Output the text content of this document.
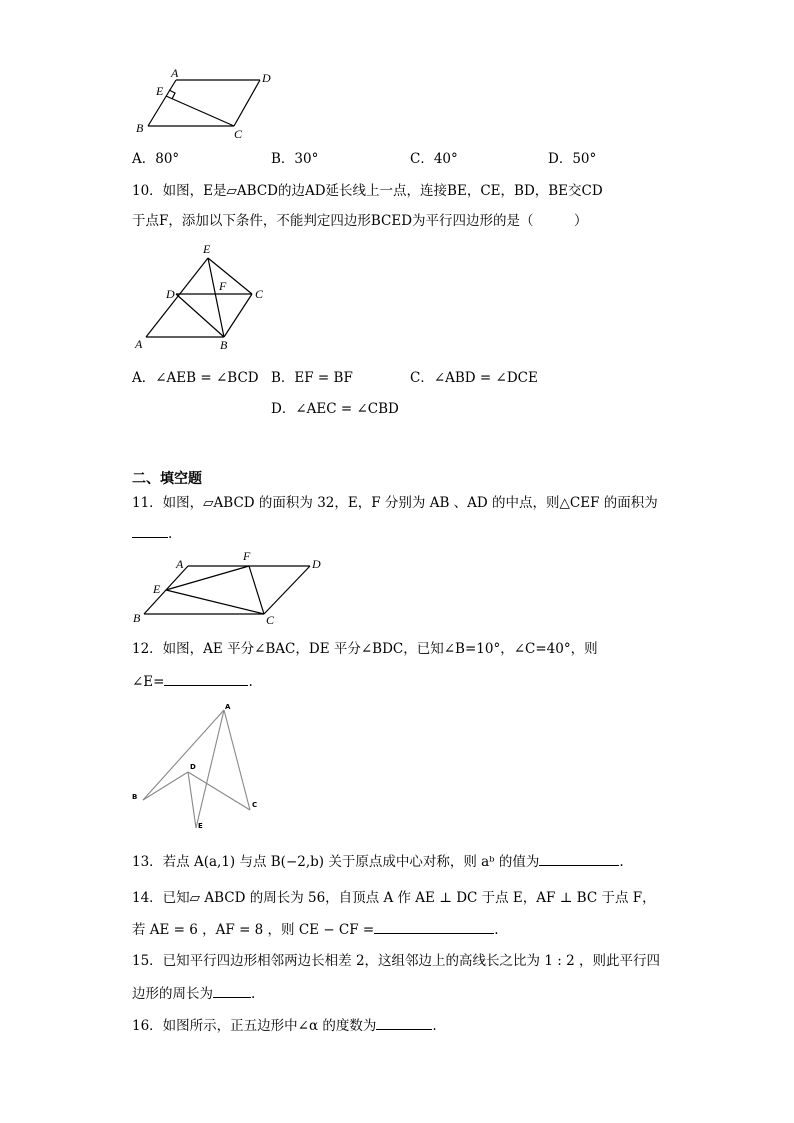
A	D
E
B	C
A．80°	B．30°	C．40°	D．50°
10．如图，E是▱ABCD的边AD延长线上一点，连接BE，CE，BD，BE交CD
于点F，添加以下条件，不能判定四边形BCED为平行四边形的是（　　　）
E
D
F
C
A	B
A．∠AEB = ∠BCD B．EF = BF	C．∠ABD = ∠DCE
D．∠AEC = ∠CBD
二、填空题
11．如图，▱ABCD 的面积为 32，E，F 分别为 AB 、AD 的中点，则△CEF 的面积为
.
A
F
D
E
B	C
12．如图，AE 平分∠BAC，DE 平分∠BDC，已知∠B=10°，∠C=40°，则
∠E=	.
A
D
B
C
E
13．若点 A(a,1) 与点 B(−2,b) 关于原点成中心对称，则 aᵇ 的值为	.
14．已知▱ ABCD 的周长为 56，自顶点 A 作 AE ⊥ DC 于点 E，AF ⊥ BC 于点 F，
若 AE = 6 ，AF = 8 ，则 CE − CF =	.
15．已知平行四边形相邻两边长相差 2，这组邻边上的高线长之比为 1 : 2 ，则此平行四
边形的周长为	.
16．如图所示，正五边形中∠α 的度数为	.
